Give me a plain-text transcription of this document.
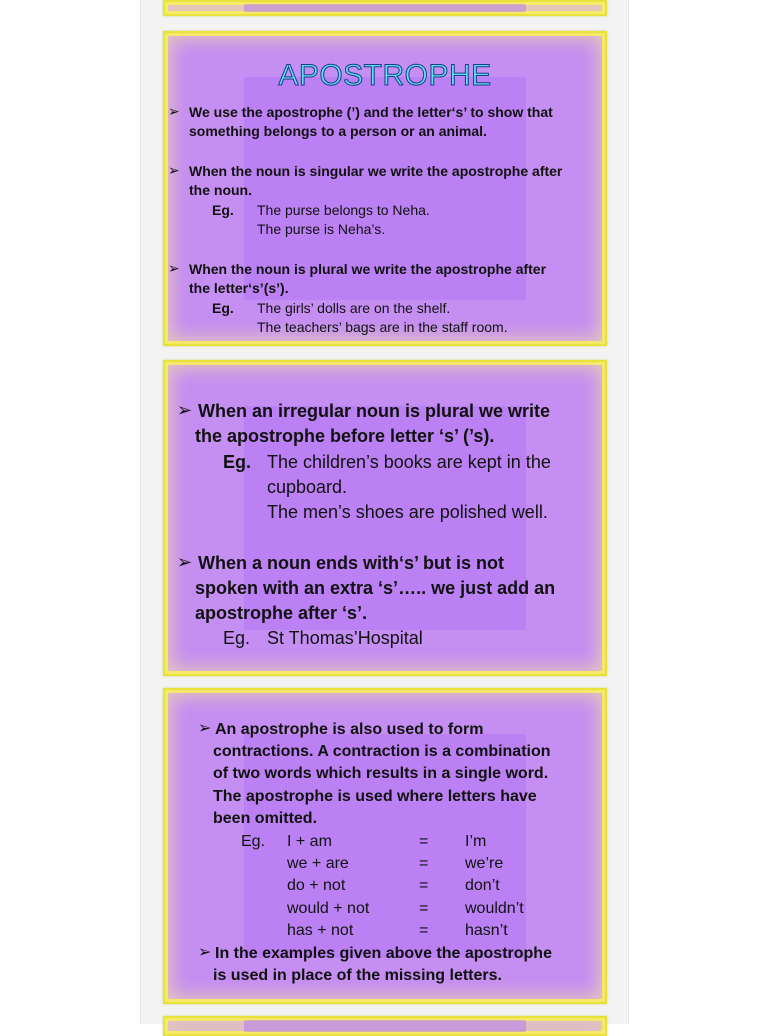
APOSTROPHE
➢ We use the apostrophe (’) and the letter‘s’ to show that
something belongs to a person or an animal.
➢ When the noun is singular we write the apostrophe after
the noun.
Eg. The purse belongs to Neha.
The purse is Neha’s.
➢ When the noun is plural we write the apostrophe after
the letter‘s’(s’).
Eg. The girls’ dolls are on the shelf.
The teachers’ bags are in the staff room.
➢ When an irregular noun is plural we write
the apostrophe before letter ‘s’ (’s).
Eg. The children’s books are kept in the
cupboard.
The men’s shoes are polished well.
➢ When a noun ends with‘s’ but is not
spoken with an extra ‘s’….. we just add an
apostrophe after ‘s’.
Eg. St Thomas’Hospital
➢ An apostrophe is also used to form
contractions. A contraction is a combination
of two words which results in a single word.
The apostrophe is used where letters have
been omitted.
Eg. I + am	= I’m
we + are	= we’re
do + not	= don’t
would + not	= wouldn’t
has + not	= hasn’t
➢ In the examples given above the apostrophe
is used in place of the missing letters.
